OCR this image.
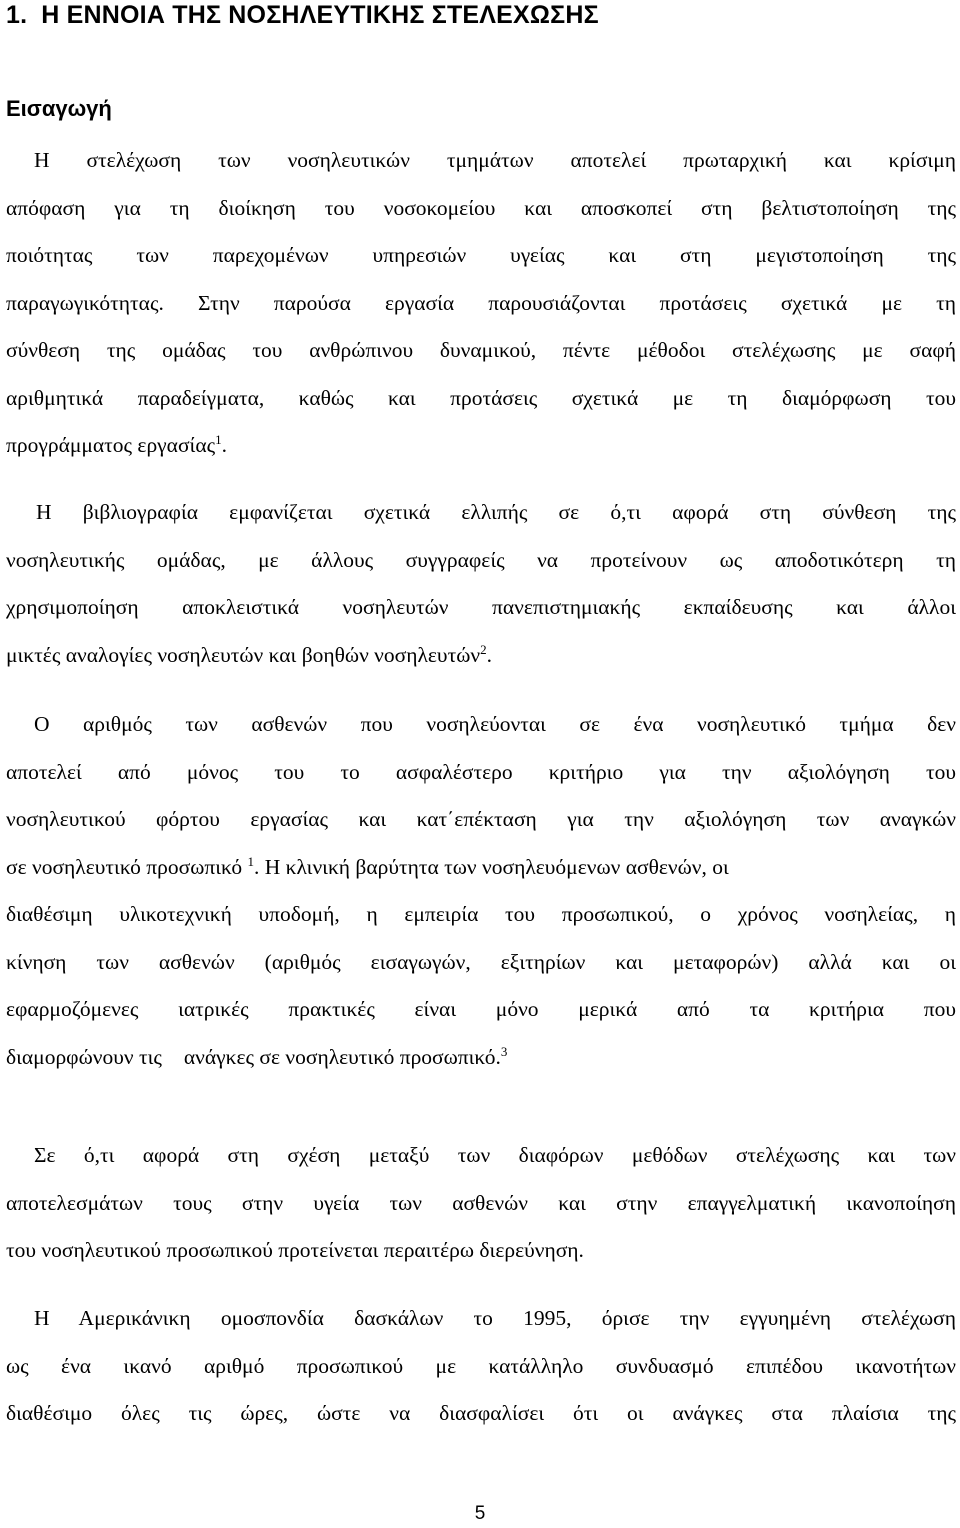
1. Η ΕΝΝΟΙΑ ΤΗΣ ΝΟΣΗΛΕΥΤΙΚΗΣ ΣΤΕΛΕΧΩΣΗΣ
Εισαγωγή
Η στελέχωση των νοσηλευτικών τμημάτων αποτελεί πρωταρχική και κρίσιμη
απόφαση για τη διοίκηση του νοσοκομείου και αποσκοπεί στη βελτιστοποίηση της
ποιότητας των παρεχομένων υπηρεσιών υγείας και στη μεγιστοποίηση της
παραγωγικότητας. Στην παρούσα εργασία παρουσιάζονται προτάσεις σχετικά με τη
σύνθεση της ομάδας του ανθρώπινου δυναμικού, πέντε μέθοδοι στελέχωσης με σαφή
αριθμητικά παραδείγματα, καθώς και προτάσεις σχετικά με τη διαμόρφωση του
προγράμματος εργασίας$^1$.
Η βιβλιογραφία εμφανίζεται σχετικά ελλιπής σε ό,τι αφορά στη σύνθεση της
νοσηλευτικής ομάδας, με άλλους συγγραφείς να προτείνουν ως αποδοτικότερη τη
χρησιμοποίηση αποκλειστικά νοσηλευτών πανεπιστημιακής εκπαίδευσης και άλλοι
μικτές αναλογίες νοσηλευτών και βοηθών νοσηλευτών$^2$.
Ο αριθμός των ασθενών που νοσηλεύονται σε ένα νοσηλευτικό τμήμα δεν
αποτελεί από μόνος του το ασφαλέστερο κριτήριο για την αξιολόγηση του
νοσηλευτικού φόρτου εργασίας και κατ΄επέκταση για την αξιολόγηση των αναγκών
σε νοσηλευτικό προσωπικό $^1$. Η κλινική βαρύτητα των νοσηλευόμενων ασθενών, οι
διαθέσιμη υλικοτεχνική υποδομή, η εμπειρία του προσωπικού, ο χρόνος νοσηλείας, η
κίνηση των ασθενών (αριθμός εισαγωγών, εξιτηρίων και μεταφορών) αλλά και οι
εφαρμοζόμενες ιατρικές πρακτικές είναι μόνο μερικά από τα κριτήρια που
διαμορφώνουν τις ανάγκες σε νοσηλευτικό προσωπικό.$^3$
Σε ό,τι αφορά στη σχέση μεταξύ των διαφόρων μεθόδων στελέχωσης και των
αποτελεσμάτων τους στην υγεία των ασθενών και στην επαγγελματική ικανοποίηση
του νοσηλευτικού προσωπικού προτείνεται περαιτέρω διερεύνηση.
Η Αμερικάνικη ομοσπονδία δασκάλων το 1995, όρισε την εγγυημένη στελέχωση
ως ένα ικανό αριθμό προσωπικού με κατάλληλο συνδυασμό επιπέδου ικανοτήτων
διαθέσιμο όλες τις ώρες, ώστε να διασφαλίσει ότι οι ανάγκες στα πλαίσια της
5
